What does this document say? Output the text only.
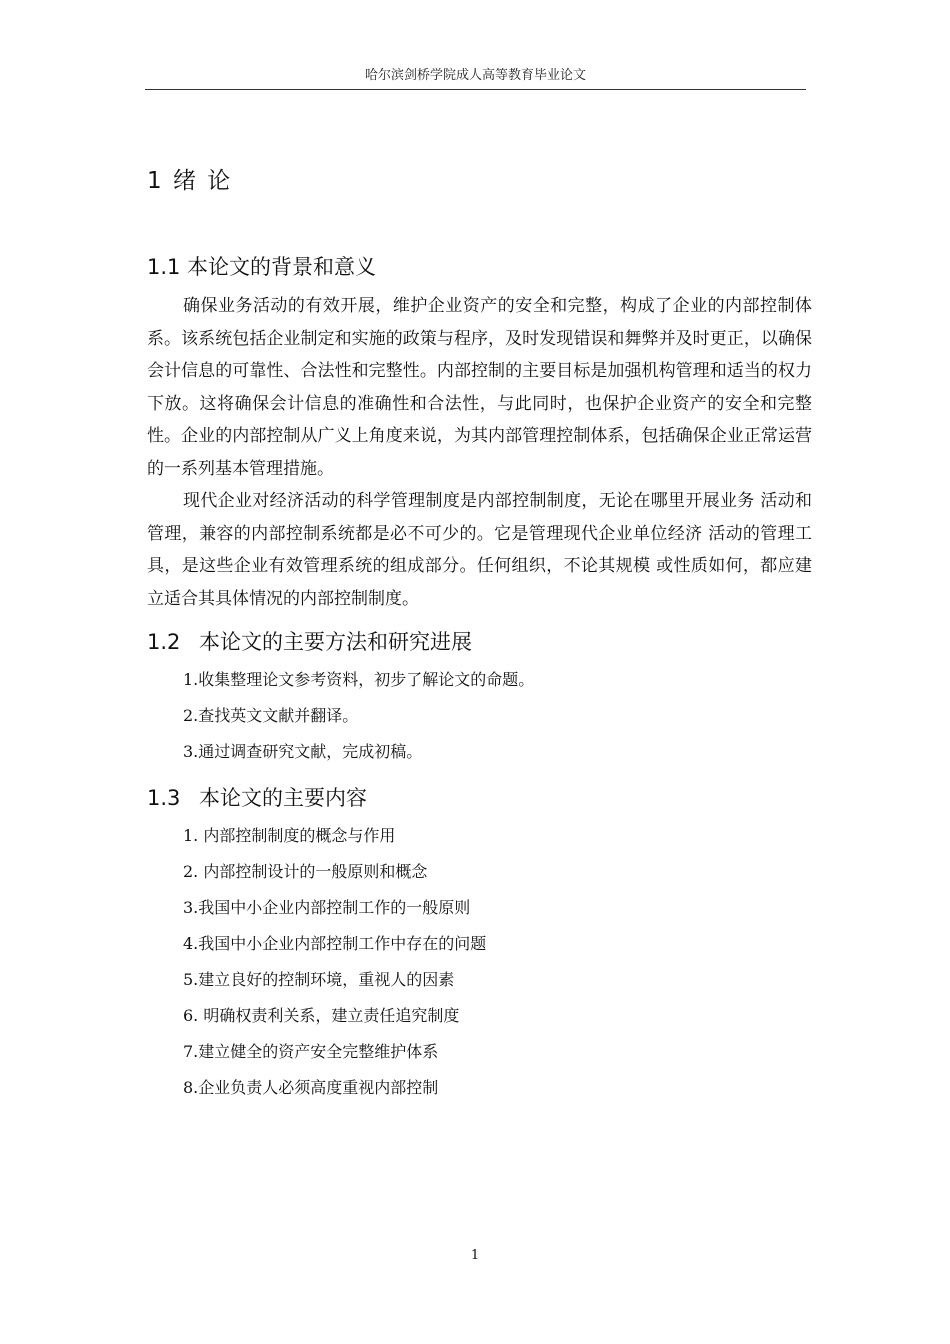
哈尔滨剑桥学院成人高等教育毕业论文
1 绪 论
1.1 本论文的背景和意义

确保业务活动的有效开展，维护企业资产的安全和完整，构成了企业的内部控制体系。该系统包括企业制定和实施的政策与程序，及时发现错误和舞弊并及时更正，以确保会计信息的可靠性、合法性和完整性。内部控制的主要目标是加强机构管理和适当的权力下放。这将确保会计信息的准确性和合法性，与此同时，也保护企业资产的安全和完整性。企业的内部控制从广义上角度来说，为其内部管理控制体系，包括确保企业正常运营的一系列基本管理措施。

现代企业对经济活动的科学管理制度是内部控制制度，无论在哪里开展业务 活动和管理，兼容的内部控制系统都是必不可少的。它是管理现代企业单位经济 活动的管理工具，是这些企业有效管理系统的组成部分。任何组织，不论其规模 或性质如何，都应建立适合其具体情况的内部控制制度。

1.2 本论文的主要方法和研究进展
1.收集整理论文参考资料，初步了解论文的命题。
2.查找英文文献并翻译。
3.通过调查研究文献，完成初稿。
1.3 本论文的主要内容
1. 内部控制制度的概念与作用
2. 内部控制设计的一般原则和概念
3.我国中小企业内部控制工作的一般原则
4.我国中小企业内部控制工作中存在的问题
5.建立良好的控制环境，重视人的因素
6. 明确权责利关系，建立责任追究制度
7.建立健全的资产安全完整维护体系
8.企业负责人必须高度重视内部控制
1
